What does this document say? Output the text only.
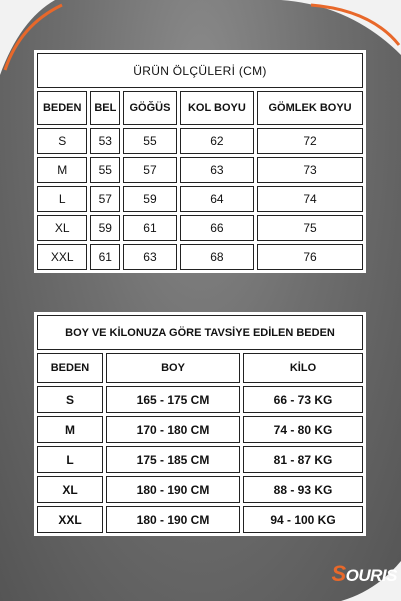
ÜRÜN ÖLÇÜLERİ (CM)				
BEDEN	BEL	GÖĞÜS	KOL BOYU	GÖMLEK BOYU
S	53	55	62	72
M	55	57	63	73
L	57	59	64	74
XL	59	61	66	75
XXL	61	63	68	76
BOY VE KİLONUZA GÖRE TAVSİYE EDİLEN BEDEN		
BEDEN	BOY	KİLO
S	165 - 175 CM	66 - 73 KG
M	170 - 180 CM	74 - 80 KG
L	175 - 185 CM	81 - 87 KG
XL	180 - 190 CM	88 - 93 KG
XXL	180 - 190 CM	94 - 100 KG
SOURIS
